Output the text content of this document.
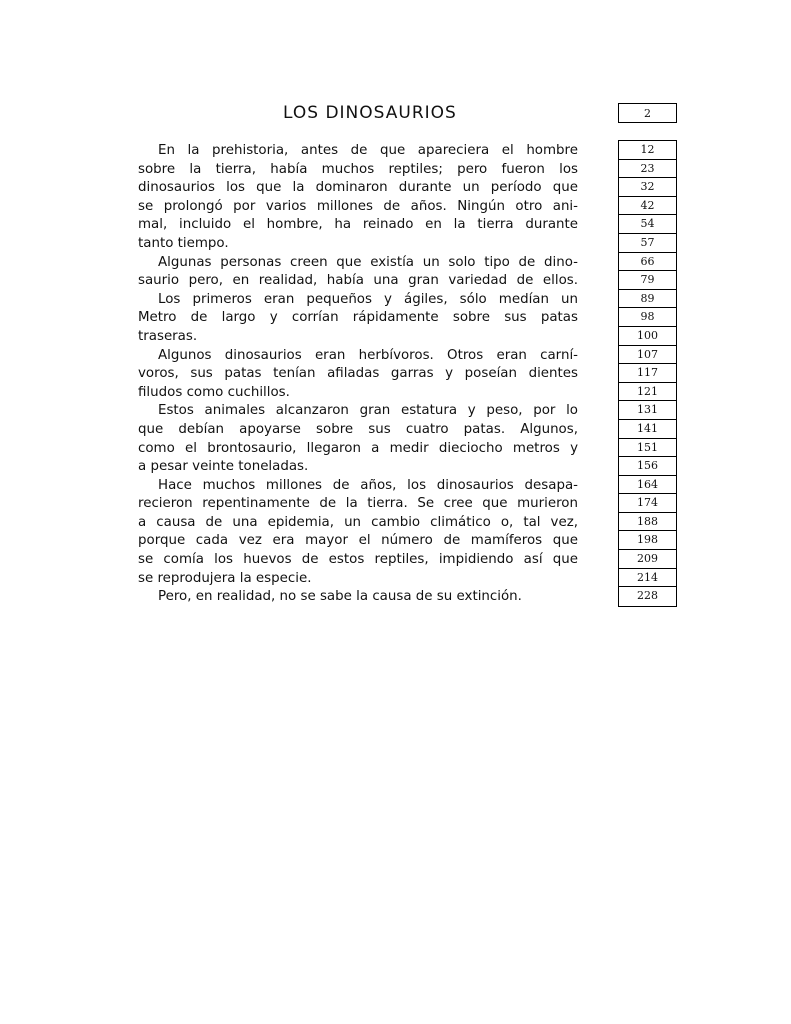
LOS DINOSAURIOS	2
En la prehistoria, antes de que apareciera el hombre
sobre la tierra, había muchos reptiles; pero fueron los
dinosaurios los que la dominaron durante un período que
se prolongó por varios millones de años. Ningún otro ani-
mal, incluido el hombre, ha reinado en la tierra durante
tanto tiempo.
Algunas personas creen que existía un solo tipo de dino-
saurio pero, en realidad, había una gran variedad de ellos.
Los primeros eran pequeños y ágiles, sólo medían un
Metro de largo y corrían rápidamente sobre sus patas
traseras.
Algunos dinosaurios eran herbívoros. Otros eran carní-
voros, sus patas tenían afiladas garras y poseían dientes
filudos como cuchillos.
Estos animales alcanzaron gran estatura y peso, por lo
que debían apoyarse sobre sus cuatro patas. Algunos,
como el brontosaurio, llegaron a medir dieciocho metros y
a pesar veinte toneladas.
Hace muchos millones de años, los dinosaurios desapa-
recieron repentinamente de la tierra. Se cree que murieron
a causa de una epidemia, un cambio climático o, tal vez,
porque cada vez era mayor el número de mamíferos que
se comía los huevos de estos reptiles, impidiendo así que
se reprodujera la especie.
Pero, en realidad, no se sabe la causa de su extinción.
12
23
32
42
54
57
66
79
89
98
100
107
117
121
131
141
151
156
164
174
188
198
209
214
228
